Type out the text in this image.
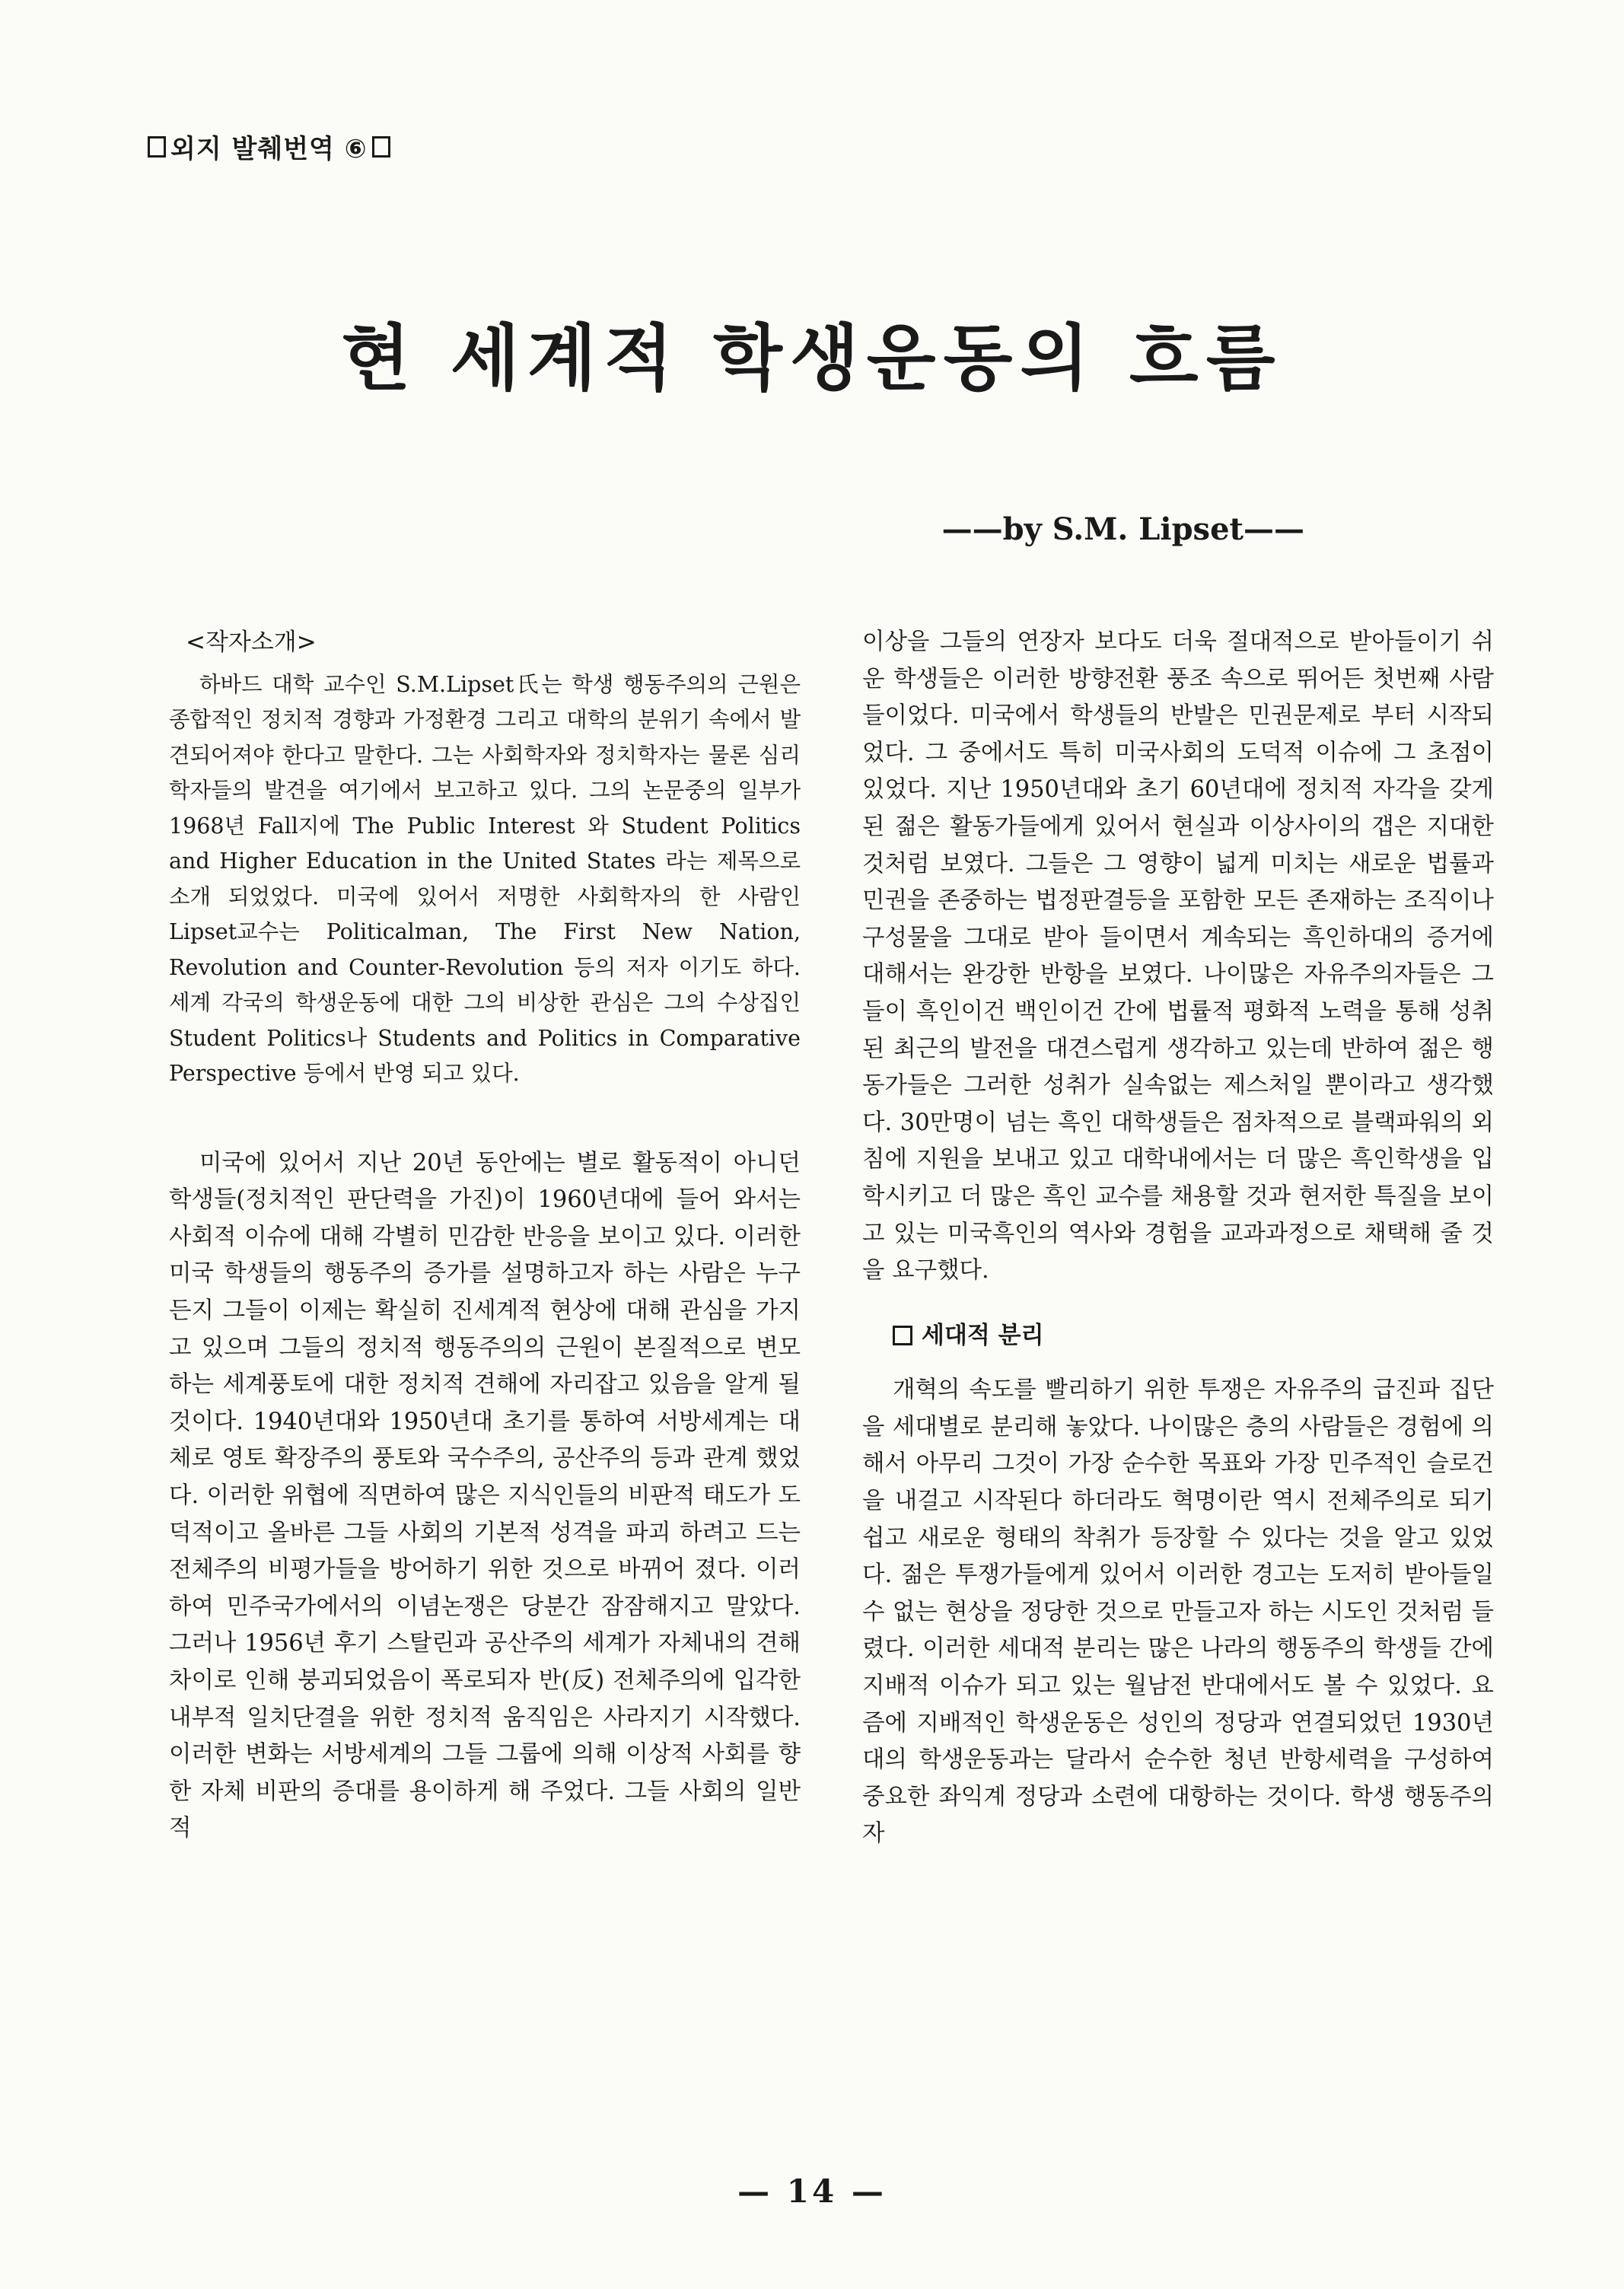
외지 발췌번역 ⑥
현 세계적 학생운동의 흐름
——by S.M. Lipset——
<작자소개>

하바드 대학 교수인 S.M.Lipset氏는 학생 행동주의의 근원은 종합적인 정치적 경향과 가정환경 그리고 대학의 분위기 속에서 발견되어져야 한다고 말한다. 그는 사회학자와 정치학자는 물론 심리학자들의 발견을 여기에서 보고하고 있다. 그의 논문중의 일부가 1968년 Fall지에 The Public Interest 와 Student Politics and Higher Education in the United States 라는 제목으로 소개 되었었다. 미국에 있어서 저명한 사회학자의 한 사람인 Lipset교수는 Politicalman, The First New Nation, Revolution and Counter-Revolution 등의 저자 이기도 하다. 세계 각국의 학생운동에 대한 그의 비상한 관심은 그의 수상집인 Student Politics나 Students and Politics in Comparative Perspective 등에서 반영 되고 있다.

미국에 있어서 지난 20년 동안에는 별로 활동적이 아니던 학생들(정치적인 판단력을 가진)이 1960년대에 들어 와서는 사회적 이슈에 대해 각별히 민감한 반응을 보이고 있다. 이러한 미국 학생들의 행동주의 증가를 설명하고자 하는 사람은 누구든지 그들이 이제는 확실히 진세계적 현상에 대해 관심을 가지고 있으며 그들의 정치적 행동주의의 근원이 본질적으로 변모하는 세계풍토에 대한 정치적 견해에 자리잡고 있음을 알게 될 것이다. 1940년대와 1950년대 초기를 통하여 서방세계는 대체로 영토 확장주의 풍토와 국수주의, 공산주의 등과 관계 했었다. 이러한 위협에 직면하여 많은 지식인들의 비판적 태도가 도덕적이고 올바른 그들 사회의 기본적 성격을 파괴 하려고 드는 전체주의 비평가들을 방어하기 위한 것으로 바뀌어 졌다. 이러하여 민주국가에서의 이념논쟁은 당분간 잠잠해지고 말았다. 그러나 1956년 후기 스탈린과 공산주의 세계가 자체내의 견해차이로 인해 붕괴되었음이 폭로되자 반(反) 전체주의에 입각한 내부적 일치단결을 위한 정치적 움직임은 사라지기 시작했다. 이러한 변화는 서방세계의 그들 그룹에 의해 이상적 사회를 향한 자체 비판의 증대를 용이하게 해 주었다. 그들 사회의 일반적

이상을 그들의 연장자 보다도 더욱 절대적으로 받아들이기 쉬운 학생들은 이러한 방향전환 풍조 속으로 뛰어든 첫번째 사람들이었다. 미국에서 학생들의 반발은 민권문제로 부터 시작되었다. 그 중에서도 특히 미국사회의 도덕적 이슈에 그 초점이 있었다. 지난 1950년대와 초기 60년대에 정치적 자각을 갖게 된 젊은 활동가들에게 있어서 현실과 이상사이의 갭은 지대한 것처럼 보였다. 그들은 그 영향이 넓게 미치는 새로운 법률과 민권을 존중하는 법정판결등을 포함한 모든 존재하는 조직이나 구성물을 그대로 받아 들이면서 계속되는 흑인하대의 증거에 대해서는 완강한 반항을 보였다. 나이많은 자유주의자들은 그들이 흑인이건 백인이건 간에 법률적 평화적 노력을 통해 성취된 최근의 발전을 대견스럽게 생각하고 있는데 반하여 젊은 행동가들은 그러한 성취가 실속없는 제스처일 뿐이라고 생각했다. 30만명이 넘는 흑인 대학생들은 점차적으로 블랙파워의 외침에 지원을 보내고 있고 대학내에서는 더 많은 흑인학생을 입학시키고 더 많은 흑인 교수를 채용할 것과 현저한 특질을 보이고 있는 미국흑인의 역사와 경험을 교과과정으로 채택해 줄 것을 요구했다.

세대적 분리

개혁의 속도를 빨리하기 위한 투쟁은 자유주의 급진파 집단을 세대별로 분리해 놓았다. 나이많은 층의 사람들은 경험에 의해서 아무리 그것이 가장 순수한 목표와 가장 민주적인 슬로건을 내걸고 시작된다 하더라도 혁명이란 역시 전체주의로 되기쉽고 새로운 형태의 착취가 등장할 수 있다는 것을 알고 있었다. 젊은 투쟁가들에게 있어서 이러한 경고는 도저히 받아들일 수 없는 현상을 정당한 것으로 만들고자 하는 시도인 것처럼 들렸다. 이러한 세대적 분리는 많은 나라의 행동주의 학생들 간에 지배적 이슈가 되고 있는 월남전 반대에서도 볼 수 있었다. 요즘에 지배적인 학생운동은 성인의 정당과 연결되었던 1930년대의 학생운동과는 달라서 순수한 청년 반항세력을 구성하여 중요한 좌익계 정당과 소련에 대항하는 것이다. 학생 행동주의자

— 14 —
